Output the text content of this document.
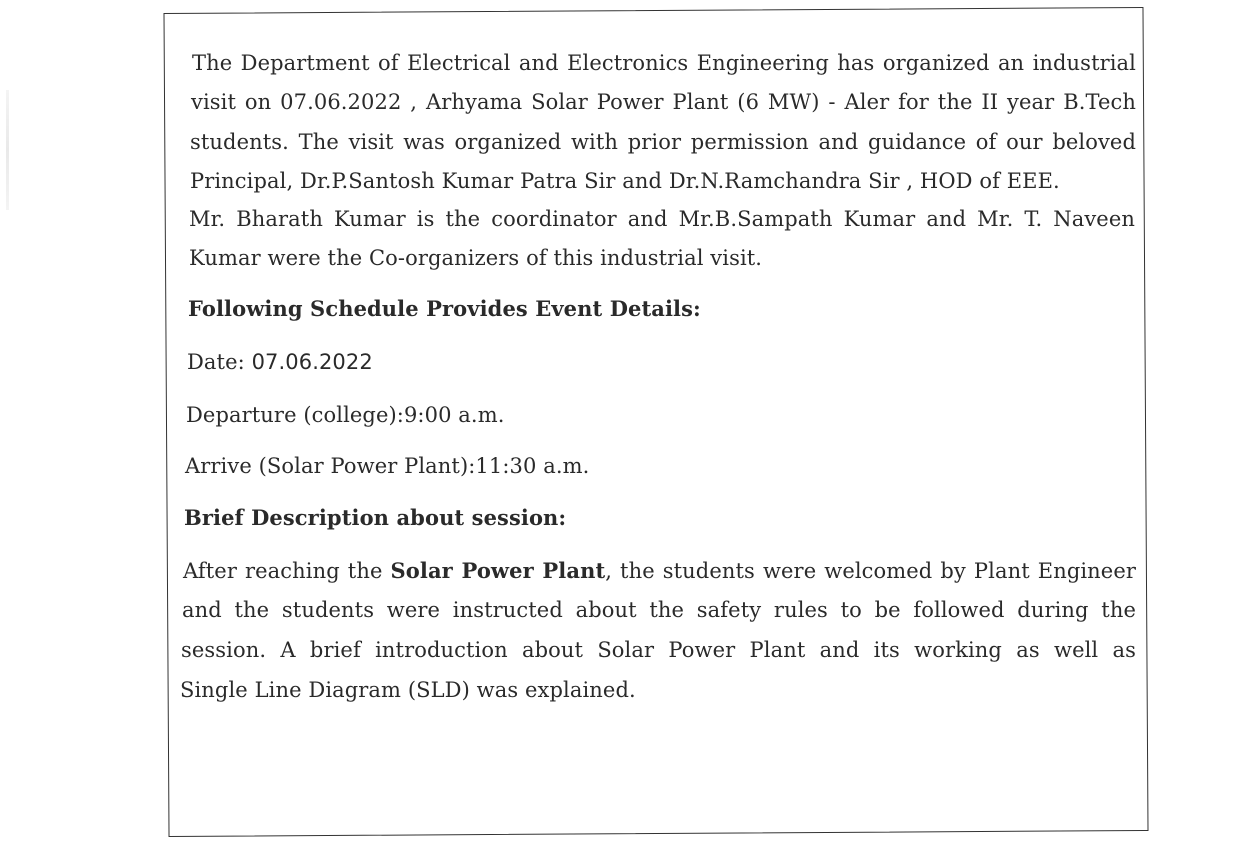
The Department of Electrical and Electronics Engineering has organized an industrial
visit on 07.06.2022 , Arhyama Solar Power Plant (6 MW) - Aler for the II year B.Tech
students. The visit was organized with prior permission and guidance of our beloved
Principal, Dr.P.Santosh Kumar Patra Sir and Dr.N.Ramchandra Sir , HOD of EEE.
Mr. Bharath Kumar is the coordinator and Mr.B.Sampath Kumar and Mr. T. Naveen
Kumar were the Co-organizers of this industrial visit.
Following Schedule Provides Event Details:
Date: 07.06.2022
Departure (college):9:00 a.m.
Arrive (Solar Power Plant):11:30 a.m.
Brief Description about session:
After reaching the Solar Power Plant, the students were welcomed by Plant Engineer
and the students were instructed about the safety rules to be followed during the
session. A brief introduction about Solar Power Plant and its working as well as
Single Line Diagram (SLD) was explained.
